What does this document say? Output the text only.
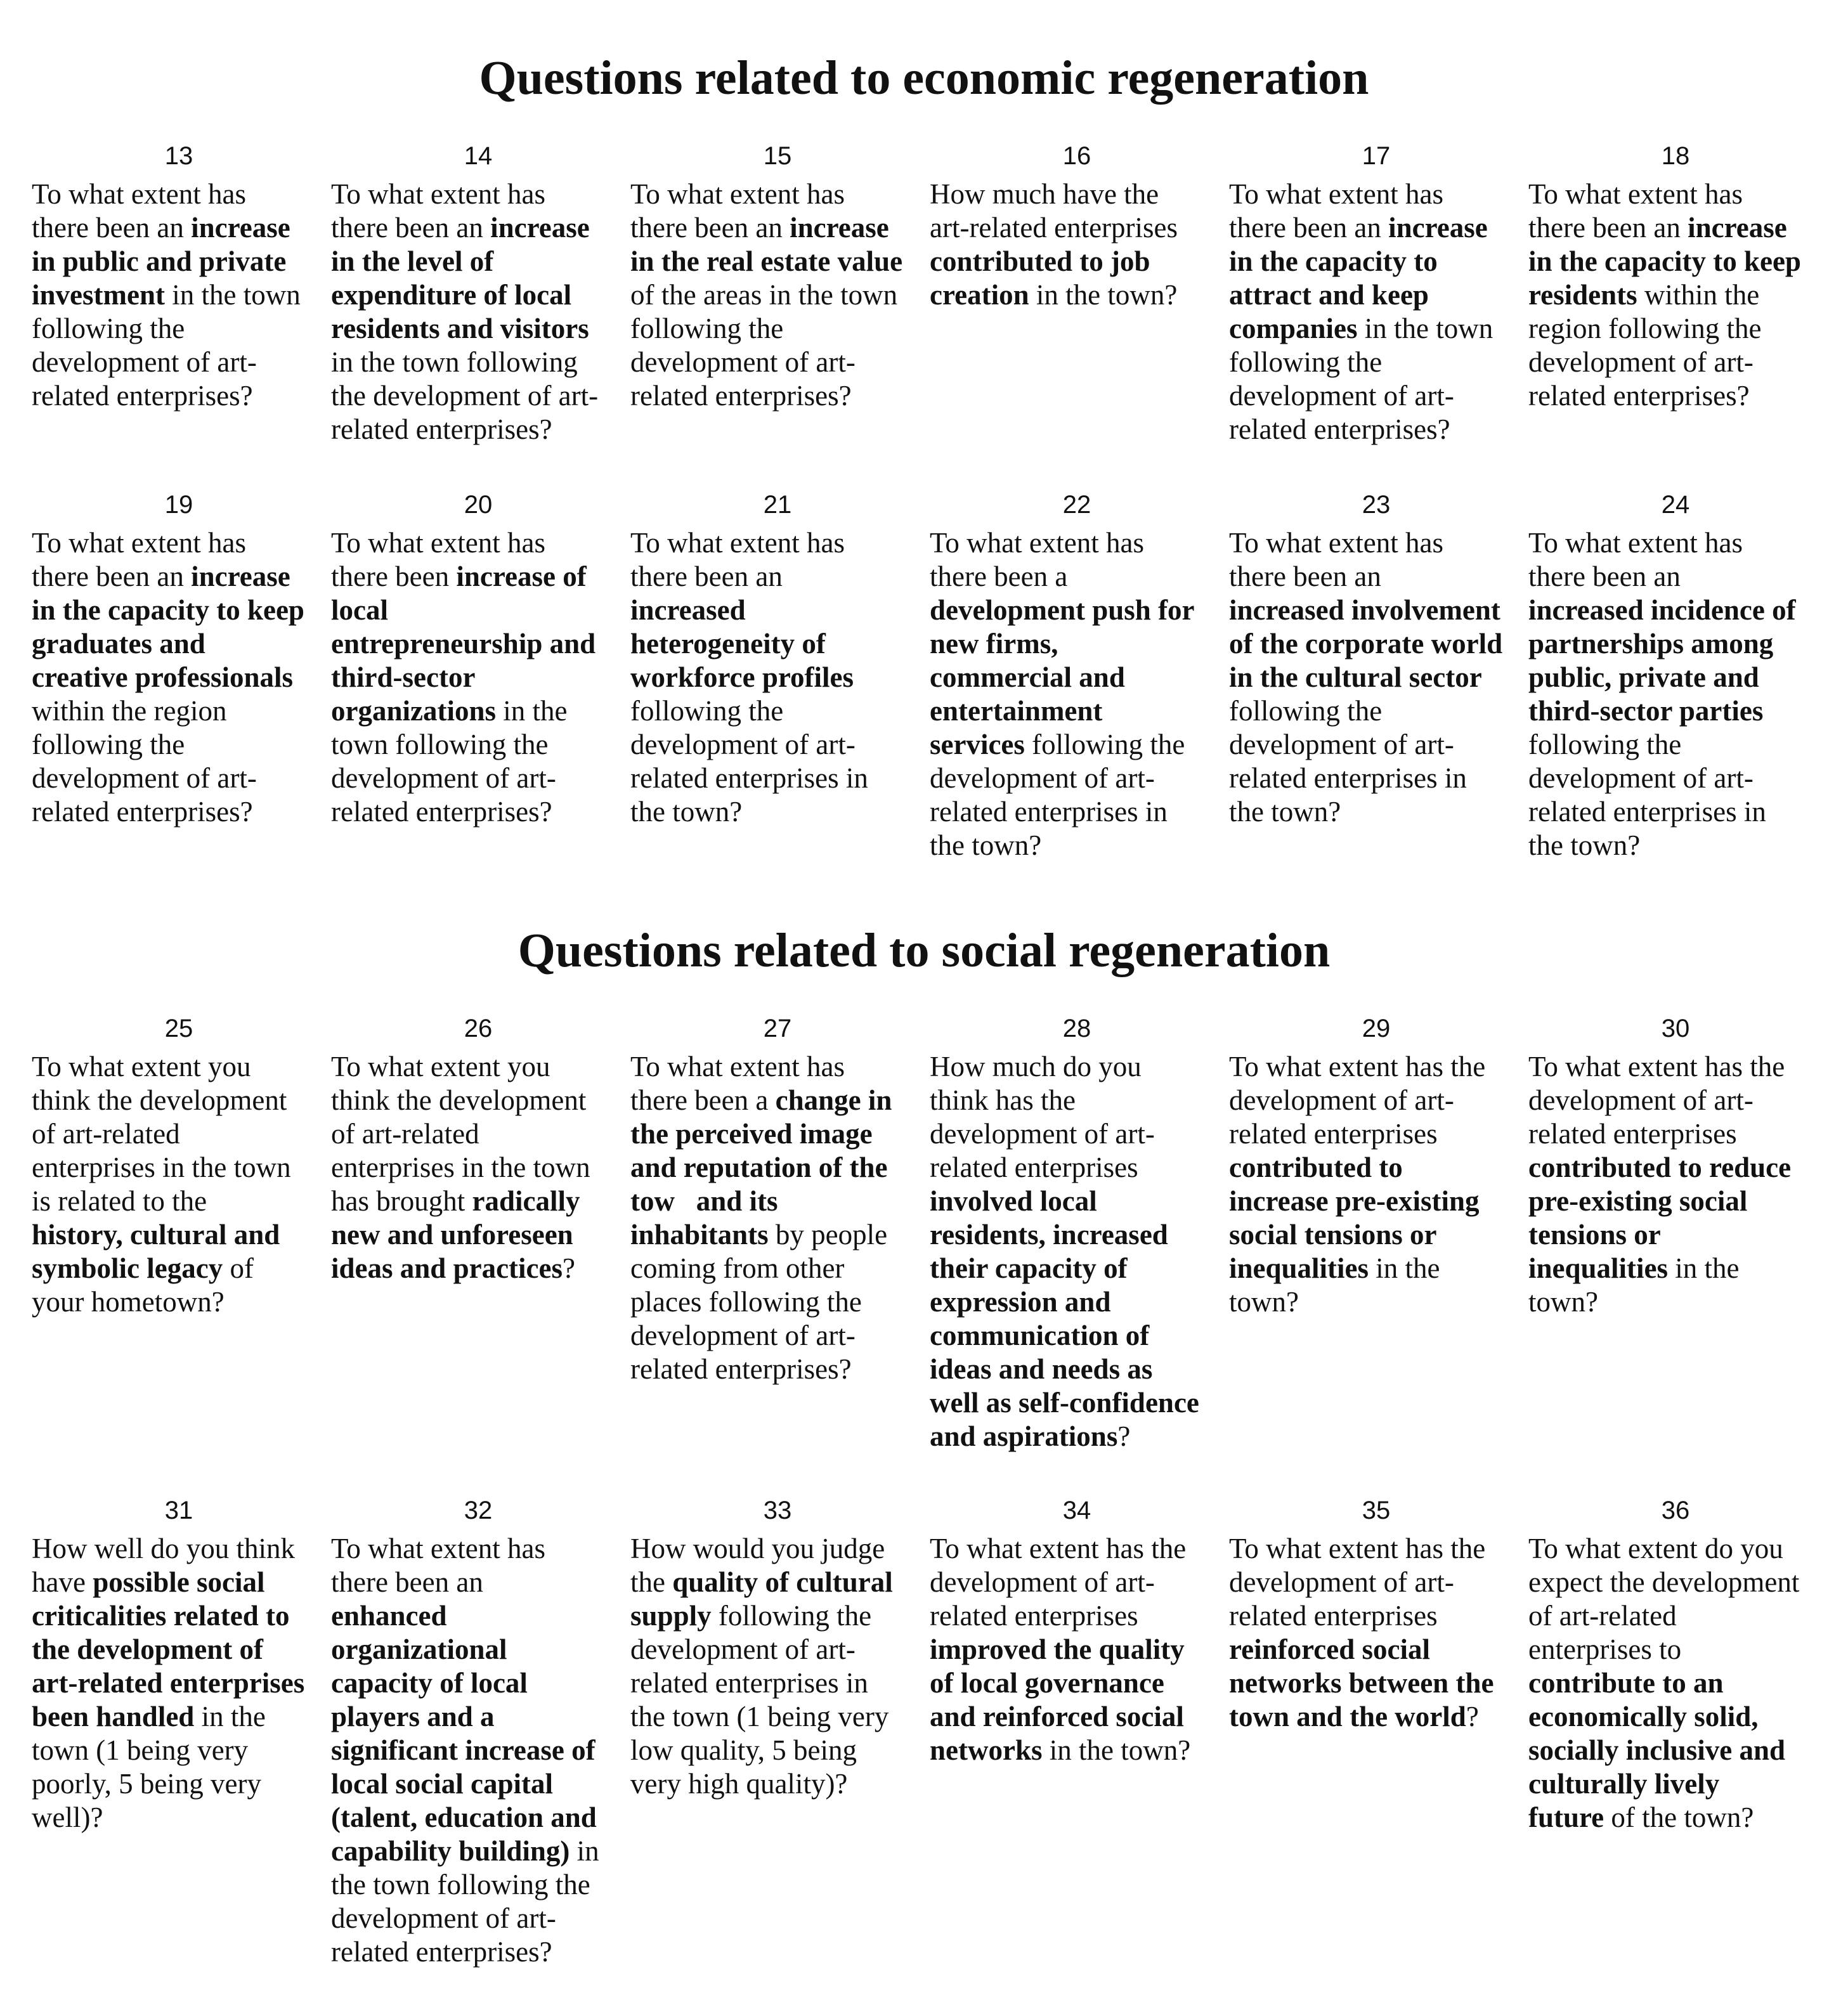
Questions related to economic regeneration
13
To what extent has
there been an increase
in public and private
investment in the town
following the
development of art-
related enterprises?
14
To what extent has
there been an increase
in the level of
expenditure of local
residents and visitors
in the town following
the development of art-
related enterprises?
15
To what extent has
there been an increase
in the real estate value
of the areas in the town
following the
development of art-
related enterprises?
16
How much have the
art-related enterprises
contributed to job
creation in the town?
17
To what extent has
there been an increase
in the capacity to
attract and keep
companies in the town
following the
development of art-
related enterprises?
18
To what extent has
there been an increase
in the capacity to keep
residents within the
region following the
development of art-
related enterprises?
19
To what extent has
there been an increase
in the capacity to keep
graduates and
creative professionals
within the region
following the
development of art-
related enterprises?
20
To what extent has
there been increase of
local
entrepreneurship and
third-sector
organizations in the
town following the
development of art-
related enterprises?
21
To what extent has
there been an
increased
heterogeneity of
workforce profiles
following the
development of art-
related enterprises in
the town?
22
To what extent has
there been a
development push for
new firms,
commercial and
entertainment
services following the
development of art-
related enterprises in
the town?
23
To what extent has
there been an
increased involvement
of the corporate world
in the cultural sector
following the
development of art-
related enterprises in
the town?
24
To what extent has
there been an
increased incidence of
partnerships among
public, private and
third-sector parties
following the
development of art-
related enterprises in
the town?
Questions related to social regeneration
25
To what extent you
think the development
of art-related
enterprises in the town
is related to the
history, cultural and
symbolic legacy of
your hometown?
26
To what extent you
think the development
of art-related
enterprises in the town
has brought radically
new and unforeseen
ideas and practices?
27
To what extent has
there been a change in
the perceived image
and reputation of the
tow   and its
inhabitants by people
coming from other
places following the
development of art-
related enterprises?
28
How much do you
think has the
development of art-
related enterprises
involved local
residents, increased
their capacity of
expression and
communication of
ideas and needs as
well as self-confidence
and aspirations?
29
To what extent has the
development of art-
related enterprises
contributed to
increase pre-existing
social tensions or
inequalities in the
town?
30
To what extent has the
development of art-
related enterprises
contributed to reduce
pre-existing social
tensions or
inequalities in the
town?
31
How well do you think
have possible social
criticalities related to
the development of
art-related enterprises
been handled in the
town (1 being very
poorly, 5 being very
well)?
32
To what extent has
there been an
enhanced
organizational
capacity of local
players and a
significant increase of
local social capital
(talent, education and
capability building) in
the town following the
development of art-
related enterprises?
33
How would you judge
the quality of cultural
supply following the
development of art-
related enterprises in
the town (1 being very
low quality, 5 being
very high quality)?
34
To what extent has the
development of art-
related enterprises
improved the quality
of local governance
and reinforced social
networks in the town?
35
To what extent has the
development of art-
related enterprises
reinforced social
networks between the
town and the world?
36
To what extent do you
expect the development
of art-related
enterprises to
contribute to an
economically solid,
socially inclusive and
culturally lively
future of the town?
